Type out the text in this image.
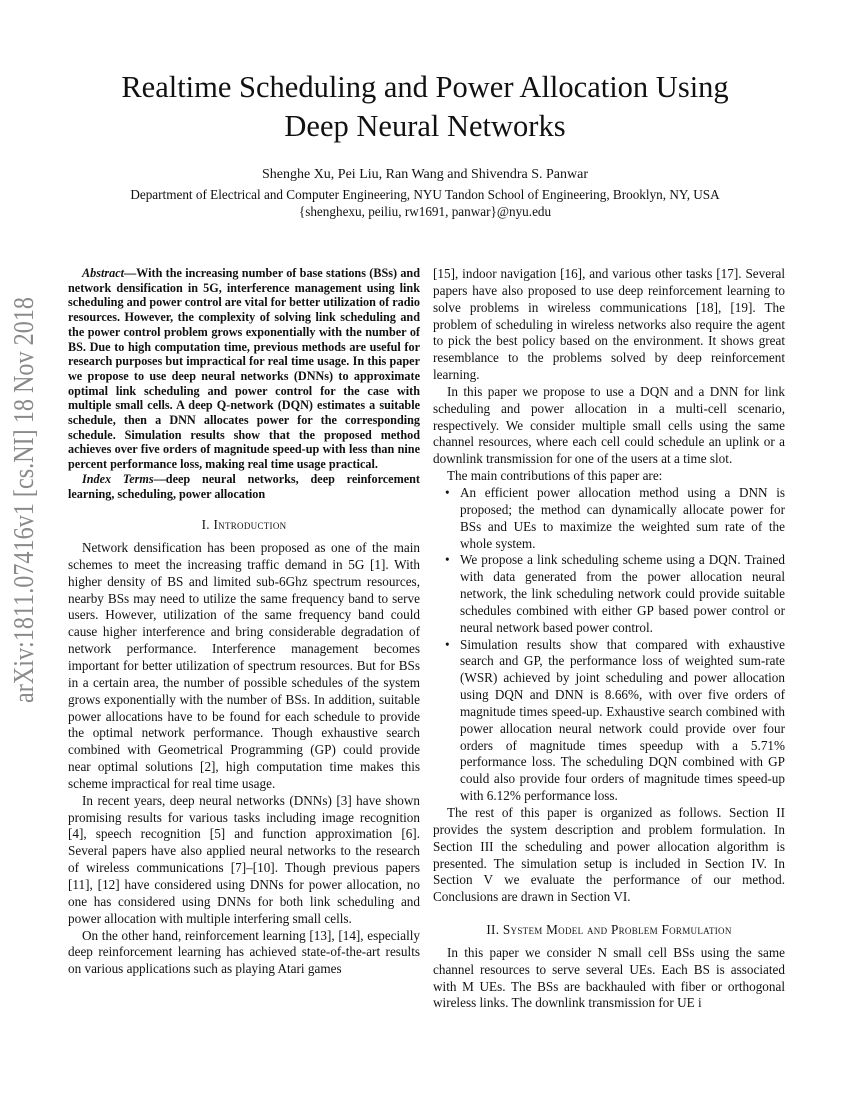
arXiv:1811.07416v1 [cs.NI] 18 Nov 2018
Realtime Scheduling and Power Allocation Using
Deep Neural Networks
Shenghe Xu, Pei Liu, Ran Wang and Shivendra S. Panwar
Department of Electrical and Computer Engineering, NYU Tandon School of Engineering, Brooklyn, NY, USA
{shenghexu, peiliu, rw1691, panwar}@nyu.edu

Abstract—With the increasing number of base stations (BSs) and network densification in 5G, interference management using link scheduling and power control are vital for better utilization of radio resources. However, the complexity of solving link scheduling and the power control problem grows exponentially with the number of BS. Due to high computation time, previous methods are useful for research purposes but impractical for real time usage. In this paper we propose to use deep neural networks (DNNs) to approximate optimal link scheduling and power control for the case with multiple small cells. A deep Q-network (DQN) estimates a suitable schedule, then a DNN allocates power for the corresponding schedule. Simulation results show that the proposed method achieves over five orders of magnitude speed-up with less than nine percent performance loss, making real time usage practical.

Index Terms—deep neural networks, deep reinforcement learning, scheduling, power allocation

I. Introduction

Network densification has been proposed as one of the main schemes to meet the increasing traffic demand in 5G [1]. With higher density of BS and limited sub-6Ghz spectrum resources, nearby BSs may need to utilize the same frequency band to serve users. However, utilization of the same frequency band could cause higher interference and bring considerable degradation of network performance. Interference management becomes important for better utilization of spectrum resources. But for BSs in a certain area, the number of possible schedules of the system grows exponentially with the number of BSs. In addition, suitable power allocations have to be found for each schedule to provide the optimal network performance. Though exhaustive search combined with Geometrical Programming (GP) could provide near optimal solutions [2], high computation time makes this scheme impractical for real time usage.

In recent years, deep neural networks (DNNs) [3] have shown promising results for various tasks including image recognition [4], speech recognition [5] and function approximation [6]. Several papers have also applied neural networks to the research of wireless communications [7]–[10]. Though previous papers [11], [12] have considered using DNNs for power allocation, no one has considered using DNNs for both link scheduling and power allocation with multiple interfering small cells.

On the other hand, reinforcement learning [13], [14], especially deep reinforcement learning has achieved state-of-the-art results on various applications such as playing Atari games

[15], indoor navigation [16], and various other tasks [17]. Several papers have also proposed to use deep reinforcement learning to solve problems in wireless communications [18], [19]. The problem of scheduling in wireless networks also require the agent to pick the best policy based on the environment. It shows great resemblance to the problems solved by deep reinforcement learning.

In this paper we propose to use a DQN and a DNN for link scheduling and power allocation in a multi-cell scenario, respectively. We consider multiple small cells using the same channel resources, where each cell could schedule an uplink or a downlink transmission for one of the users at a time slot.

The main contributions of this paper are:

• An efficient power allocation method using a DNN is proposed; the method can dynamically allocate power for BSs and UEs to maximize the weighted sum rate of the whole system.
• We propose a link scheduling scheme using a DQN. Trained with data generated from the power allocation neural network, the link scheduling network could provide suitable schedules combined with either GP based power control or neural network based power control.
• Simulation results show that compared with exhaustive search and GP, the performance loss of weighted sum-rate (WSR) achieved by joint scheduling and power allocation using DQN and DNN is 8.66%, with over five orders of magnitude times speed-up. Exhaustive search combined with power allocation neural network could provide over four orders of magnitude times speedup with a 5.71% performance loss. The scheduling DQN combined with GP could also provide four orders of magnitude times speed-up with 6.12% performance loss.

The rest of this paper is organized as follows. Section II provides the system description and problem formulation. In Section III the scheduling and power allocation algorithm is presented. The simulation setup is included in Section IV. In Section V we evaluate the performance of our method. Conclusions are drawn in Section VI.

II. System Model and Problem Formulation

In this paper we consider N small cell BSs using the same channel resources to serve several UEs. Each BS is associated with M UEs. The BSs are backhauled with fiber or orthogonal wireless links. The downlink transmission for UE i
